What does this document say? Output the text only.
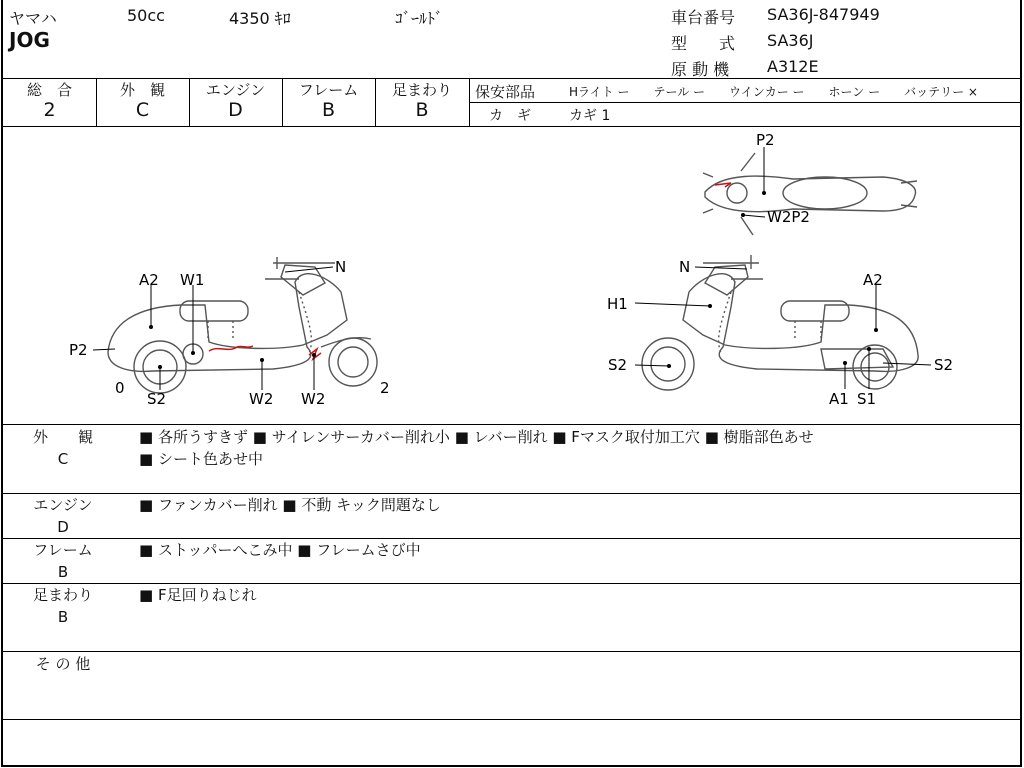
ヤマハ	50cc	4350 ｷﾛ	ｺﾞｰﾙﾄﾞ
JOG
車台番号 SA36J-847949
型　　式 SA36J
原 動 機 A312E
総　合
2
外　観
C
エンジン
D
フレーム
B
足まわり
B
保安部品	Hライト ー　　テール ー　　ウインカー ー　　ホーン ー　　バッテリー ×
カ　ギ	カギ 1
A2 W1
N
P2
0
S2	W2 W2
2
N
A2
H1
S2	S2
A1 S1
P2
W2P2
外　　観
C
■ 各所うすきず ■ サイレンサーカバー削れ小 ■ レバー削れ ■ Fマスク取付加工穴 ■ 樹脂部色あせ
■ シート色あせ中
エンジン
D
■ ファンカバー削れ ■ 不動 キック問題なし
フレーム
B
■ ストッパーへこみ中 ■ フレームさび中
足まわり
B
■ F足回りねじれ
そ の 他
